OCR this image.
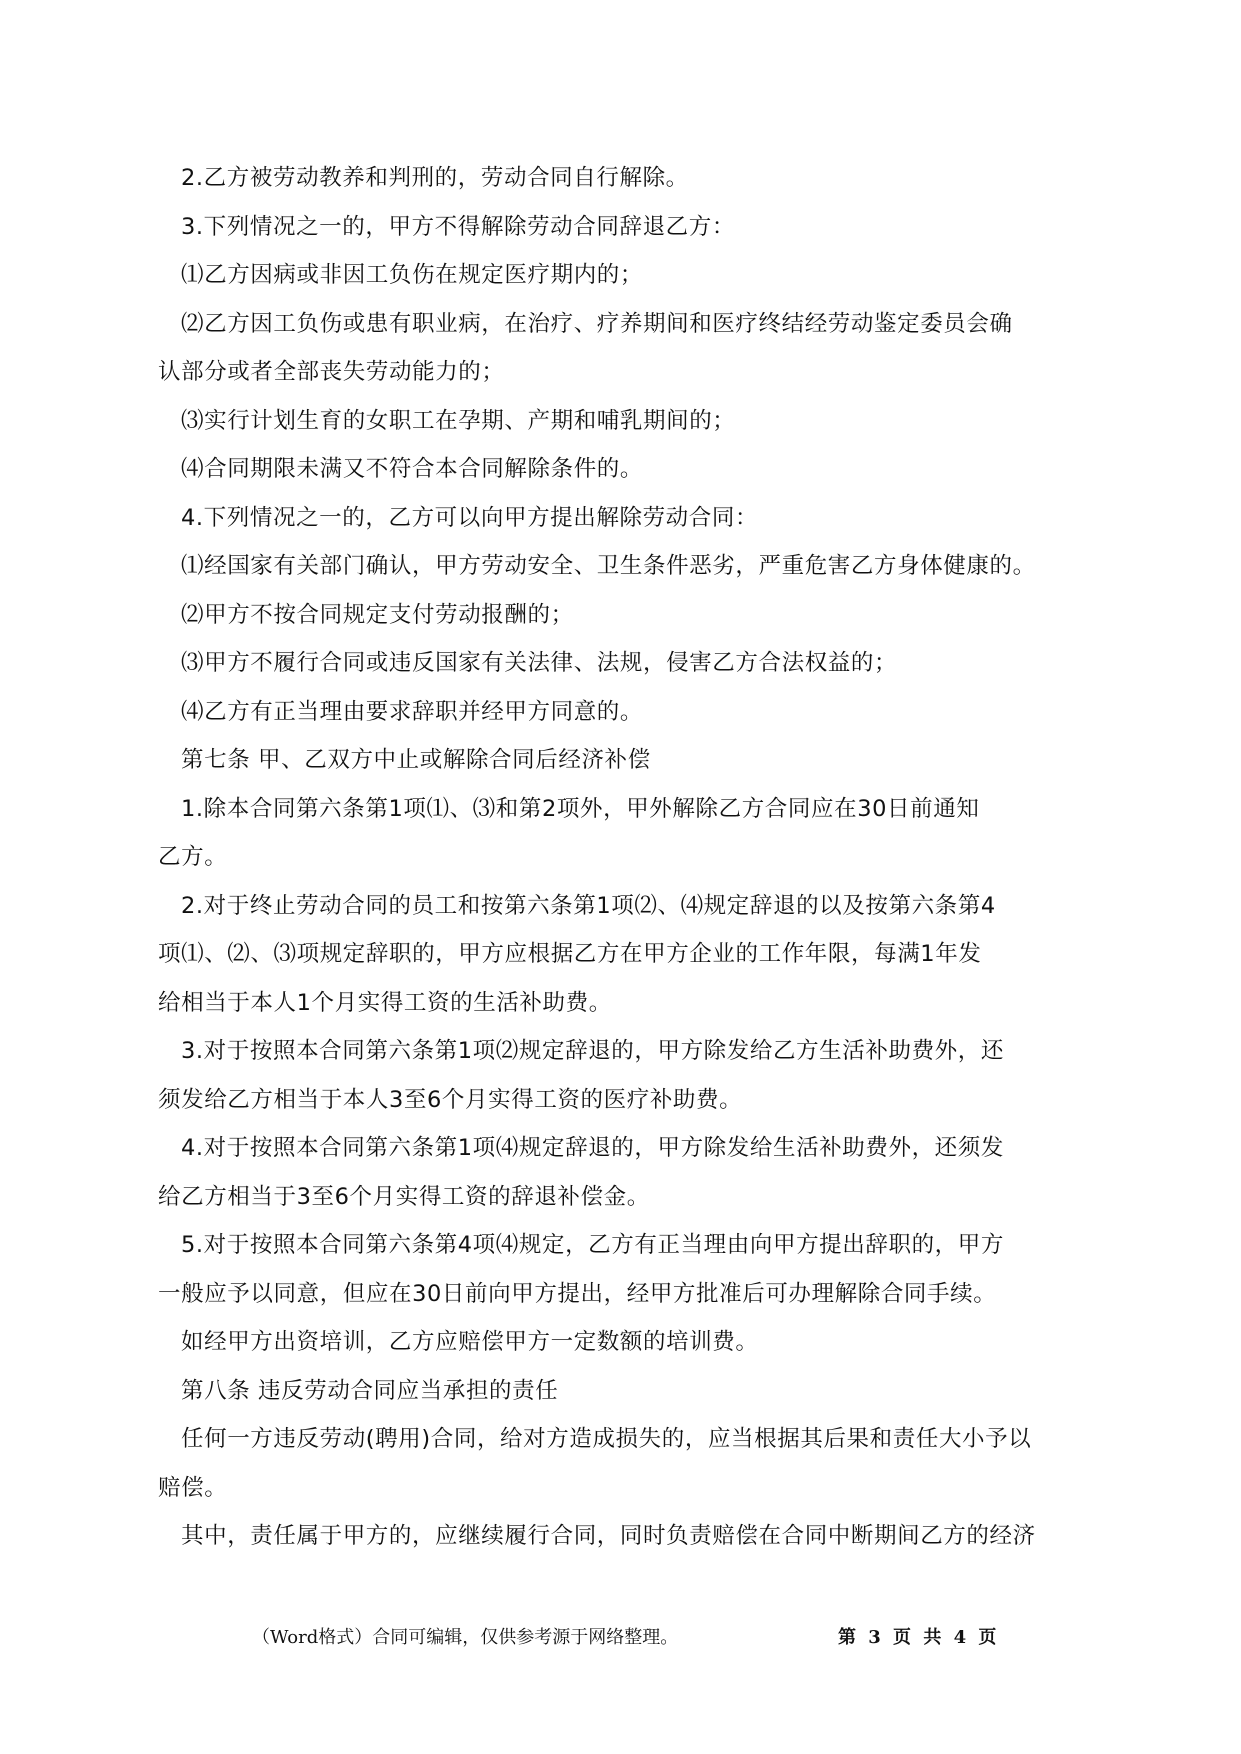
2.乙方被劳动教养和判刑的，劳动合同自行解除。

3.下列情况之一的，甲方不得解除劳动合同辞退乙方：

⑴乙方因病或非因工负伤在规定医疗期内的；

⑵乙方因工负伤或患有职业病，在治疗、疗养期间和医疗终结经劳动鉴定委员会确

认部分或者全部丧失劳动能力的；

⑶实行计划生育的女职工在孕期、产期和哺乳期间的；

⑷合同期限未满又不符合本合同解除条件的。

4.下列情况之一的，乙方可以向甲方提出解除劳动合同：

⑴经国家有关部门确认，甲方劳动安全、卫生条件恶劣，严重危害乙方身体健康的。

⑵甲方不按合同规定支付劳动报酬的；

⑶甲方不履行合同或违反国家有关法律、法规，侵害乙方合法权益的；

⑷乙方有正当理由要求辞职并经甲方同意的。

第七条 甲、乙双方中止或解除合同后经济补偿

1.除本合同第六条第1项⑴、⑶和第2项外，甲外解除乙方合同应在30日前通知

乙方。

2.对于终止劳动合同的员工和按第六条第1项⑵、⑷规定辞退的以及按第六条第4

项⑴、⑵、⑶项规定辞职的，甲方应根据乙方在甲方企业的工作年限，每满1年发

给相当于本人1个月实得工资的生活补助费。

3.对于按照本合同第六条第1项⑵规定辞退的，甲方除发给乙方生活补助费外，还

须发给乙方相当于本人3至6个月实得工资的医疗补助费。

4.对于按照本合同第六条第1项⑷规定辞退的，甲方除发给生活补助费外，还须发

给乙方相当于3至6个月实得工资的辞退补偿金。

5.对于按照本合同第六条第4项⑷规定，乙方有正当理由向甲方提出辞职的，甲方

一般应予以同意，但应在30日前向甲方提出，经甲方批准后可办理解除合同手续。

如经甲方出资培训，乙方应赔偿甲方一定数额的培训费。

第八条 违反劳动合同应当承担的责任

任何一方违反劳动(聘用)合同，给对方造成损失的，应当根据其后果和责任大小予以

赔偿。

其中，责任属于甲方的，应继续履行合同，同时负责赔偿在合同中断期间乙方的经济

（Word格式）合同可编辑，仅供参考源于网络整理。	第 3 页 共 4 页
